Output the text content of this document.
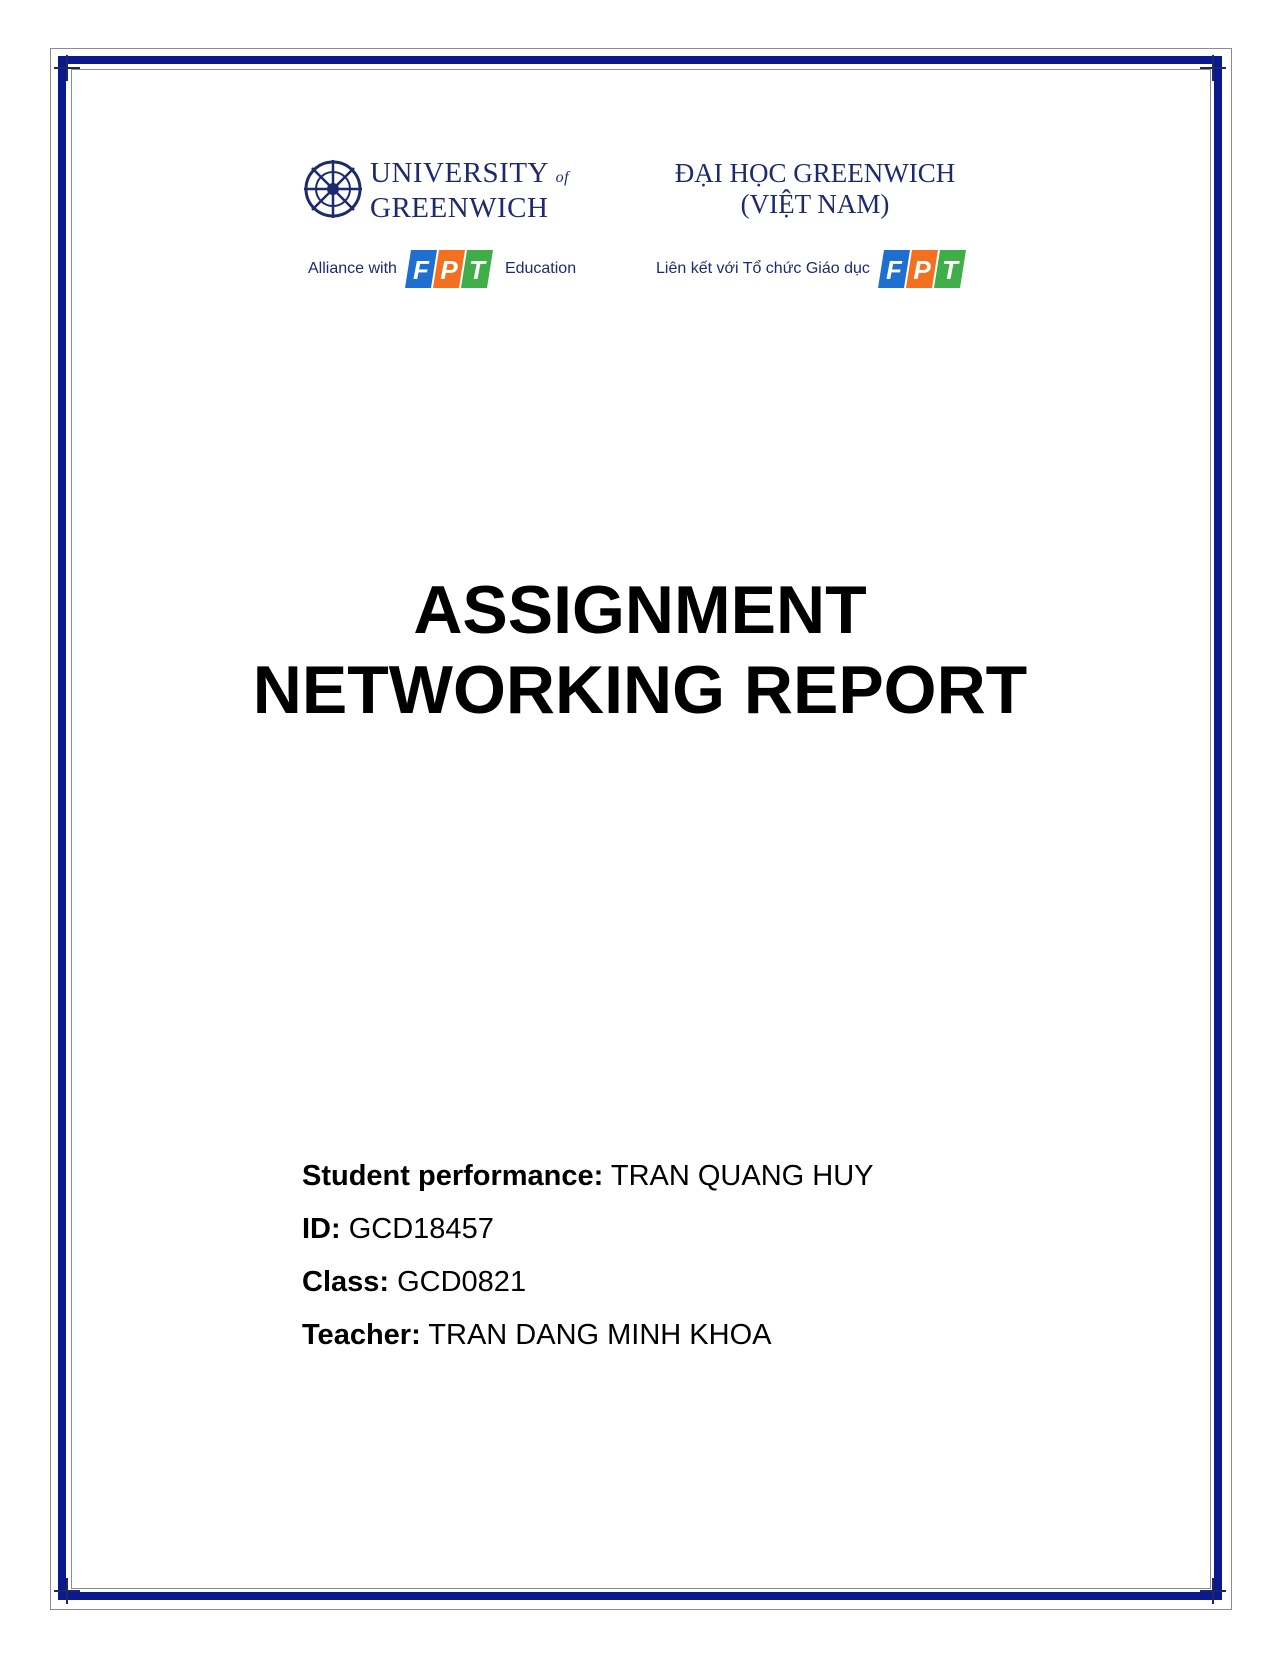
UNIVERSITY of
GREENWICH
Alliance with F P T Education
ĐẠI HỌC GREENWICH
(VIỆT NAM)
Liên kết với Tổ chức Giáo dục F P T
ASSIGNMENT
NETWORKING REPORT
Student performance: TRAN QUANG HUY
ID: GCD18457
Class: GCD0821
Teacher: TRAN DANG MINH KHOA
